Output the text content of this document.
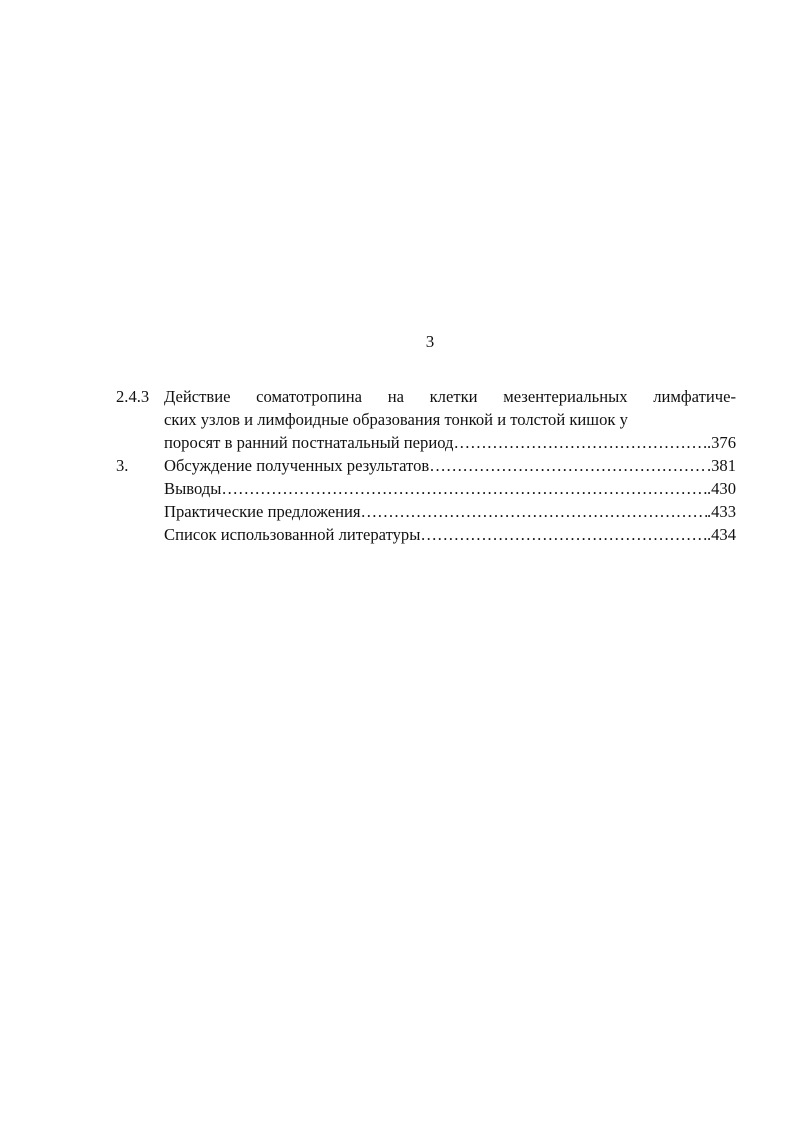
3
2.4.3 Действие соматотропина на клетки мезентериальных лимфатиче-
ских узлов и лимфоидные образования тонкой и толстой кишок у
поросят в ранний постнатальный период ……………………………………………………………………………………………………………………………………	.376
3.	Обсуждение полученных результатов ……………………………………………………………………………………………………………………………………	.381
Выводы ……………………………………………………………………………………………………………………………………	.430
Практические предложения ……………………………………………………………………………………………………………………………………	.433
Список использованной литературы ……………………………………………………………………………………………………………………………………	.434
